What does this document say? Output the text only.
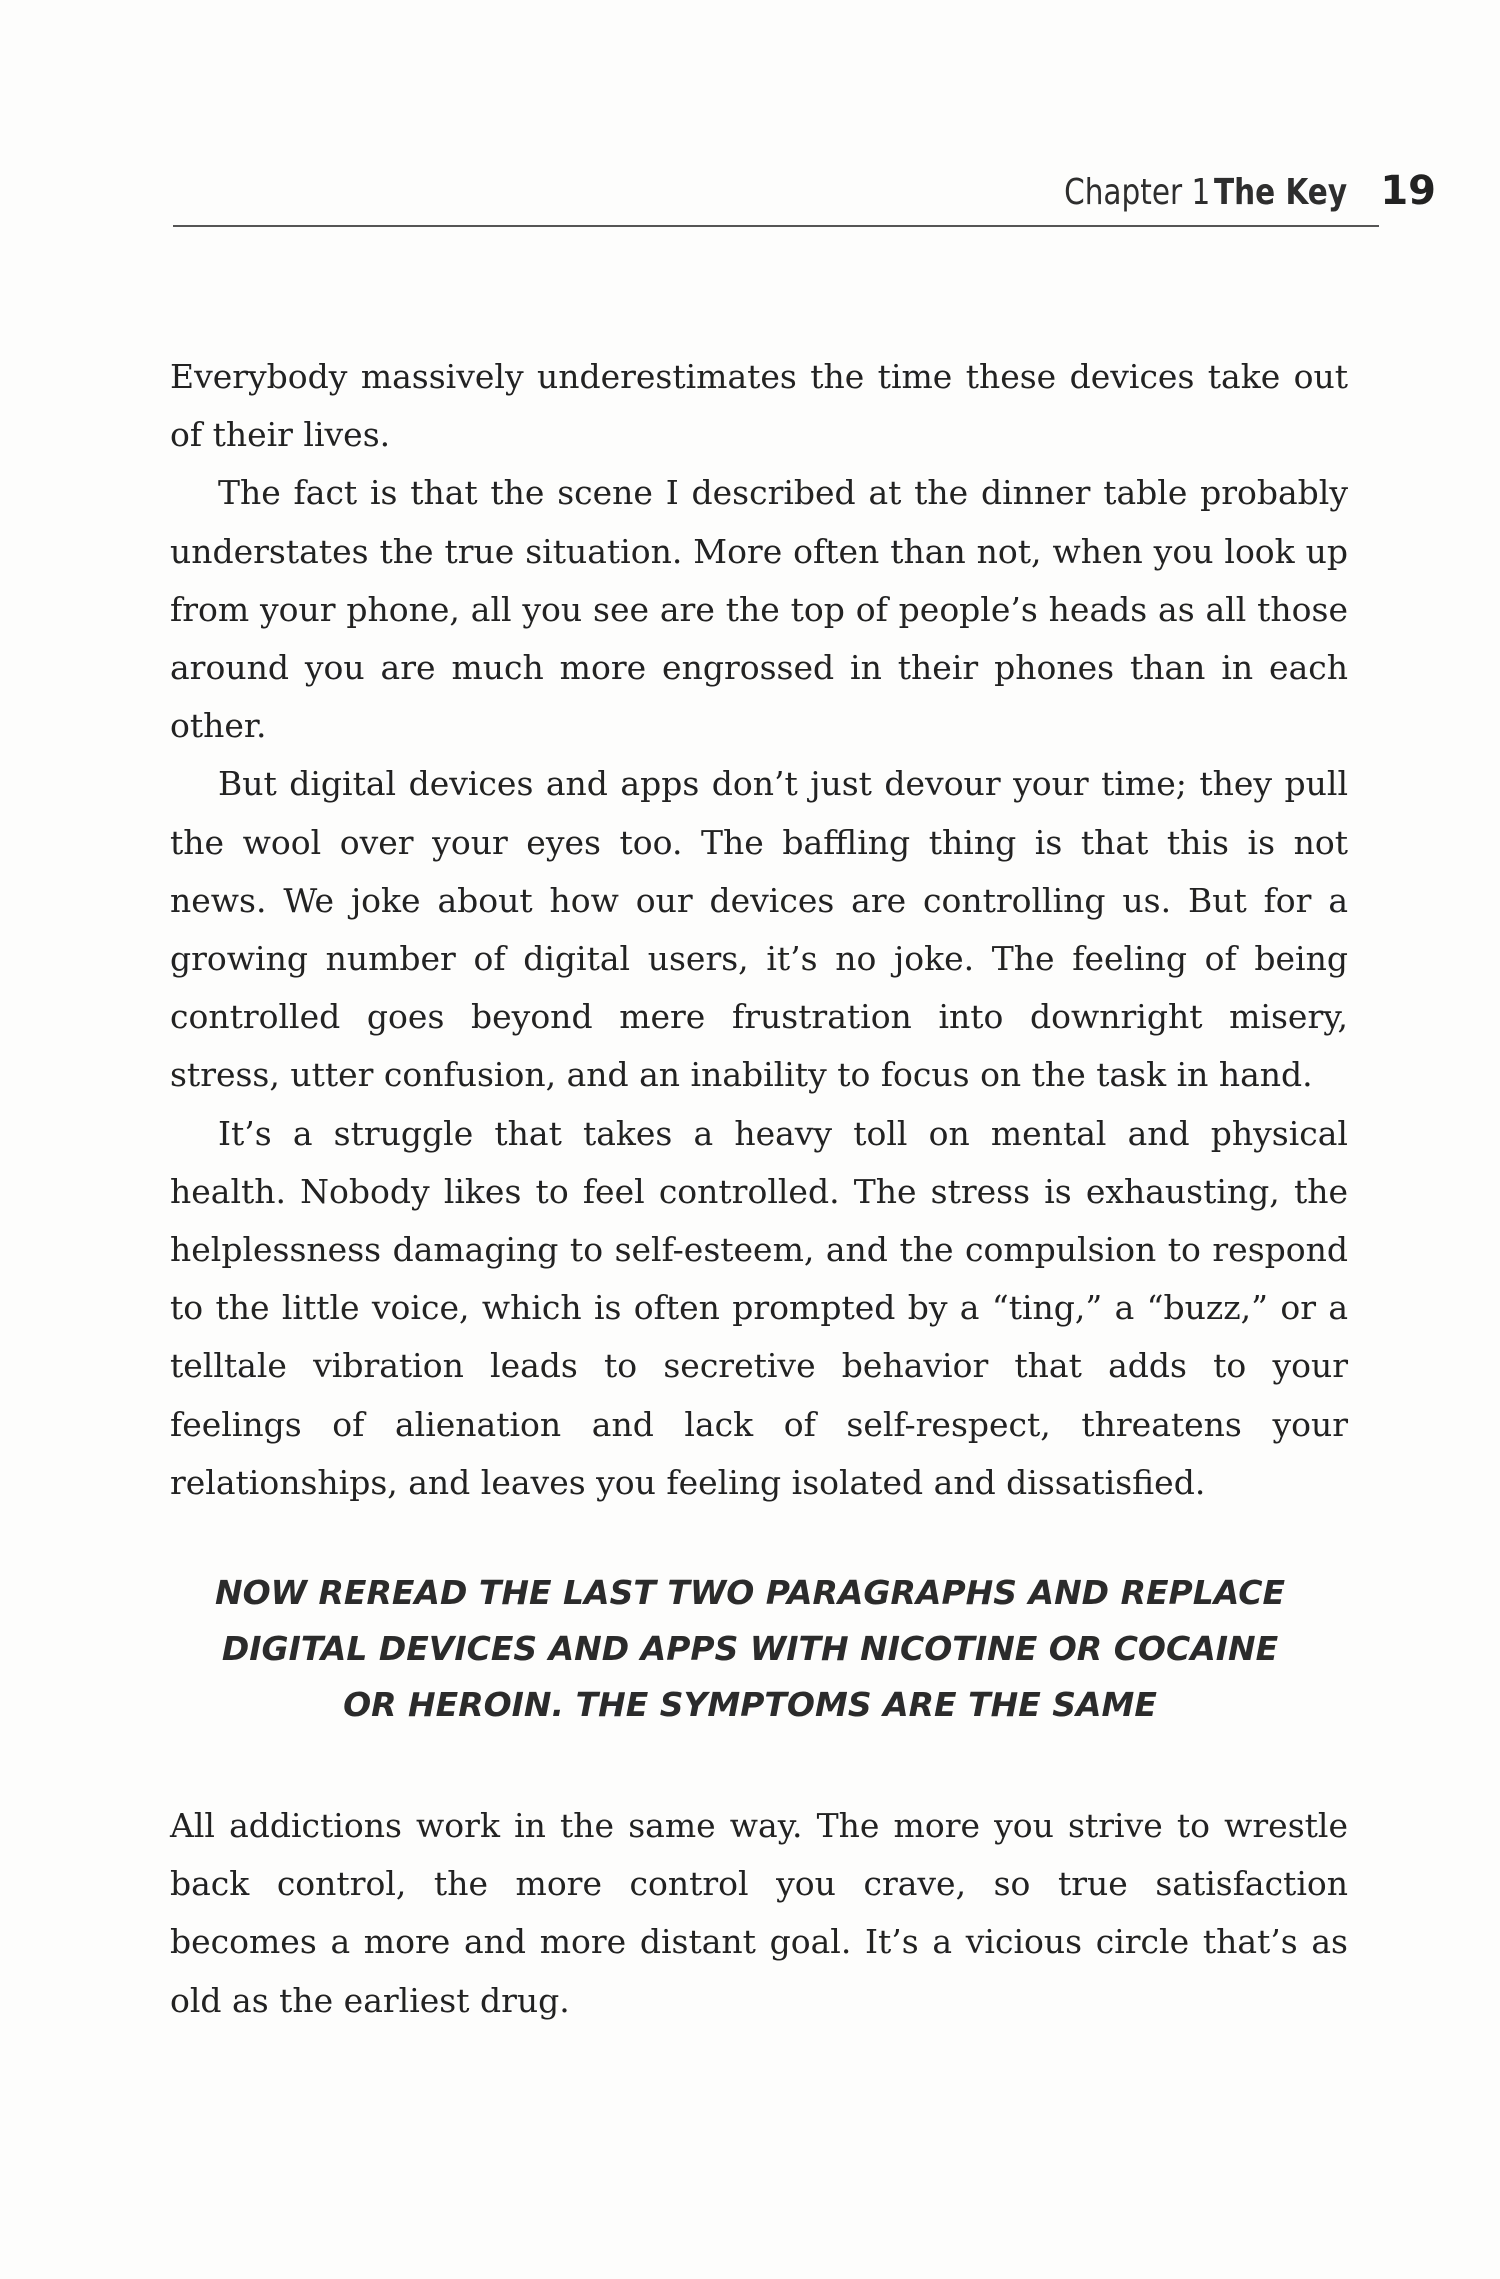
Chapter 1 The Key 19

Everybody massively underestimates the time these devices take out of their lives.

The fact is that the scene I described at the dinner table probably understates the true situation. More often than not, when you look up from your phone, all you see are the top of people’s heads as all those around you are much more engrossed in their phones than in each other.

But digital devices and apps don’t just devour your time; they pull the wool over your eyes too. The baffling thing is that this is not news. We joke about how our devices are controlling us. But for a growing number of digital users, it’s no joke. The feeling of being controlled goes beyond mere frustration into downright misery, stress, utter confusion, and an inability to focus on the task in hand.

It’s a struggle that takes a heavy toll on mental and physical health. Nobody likes to feel controlled. The stress is exhausting, the helplessness damaging to self-esteem, and the compulsion to respond to the little voice, which is often prompted by a “ting,” a “buzz,” or a telltale vibration leads to secretive behavior that adds to your feelings of alienation and lack of self-respect, threatens your relationships, and leaves you feeling isolated and dissatisfied.

NOW REREAD THE LAST TWO PARAGRAPHS AND REPLACE
DIGITAL DEVICES AND APPS WITH NICOTINE OR COCAINE
OR HEROIN. THE SYMPTOMS ARE THE SAME

All addictions work in the same way. The more you strive to wrestle back control, the more control you crave, so true satisfaction becomes a more and more distant goal. It’s a vicious circle that’s as old as the earliest drug.
